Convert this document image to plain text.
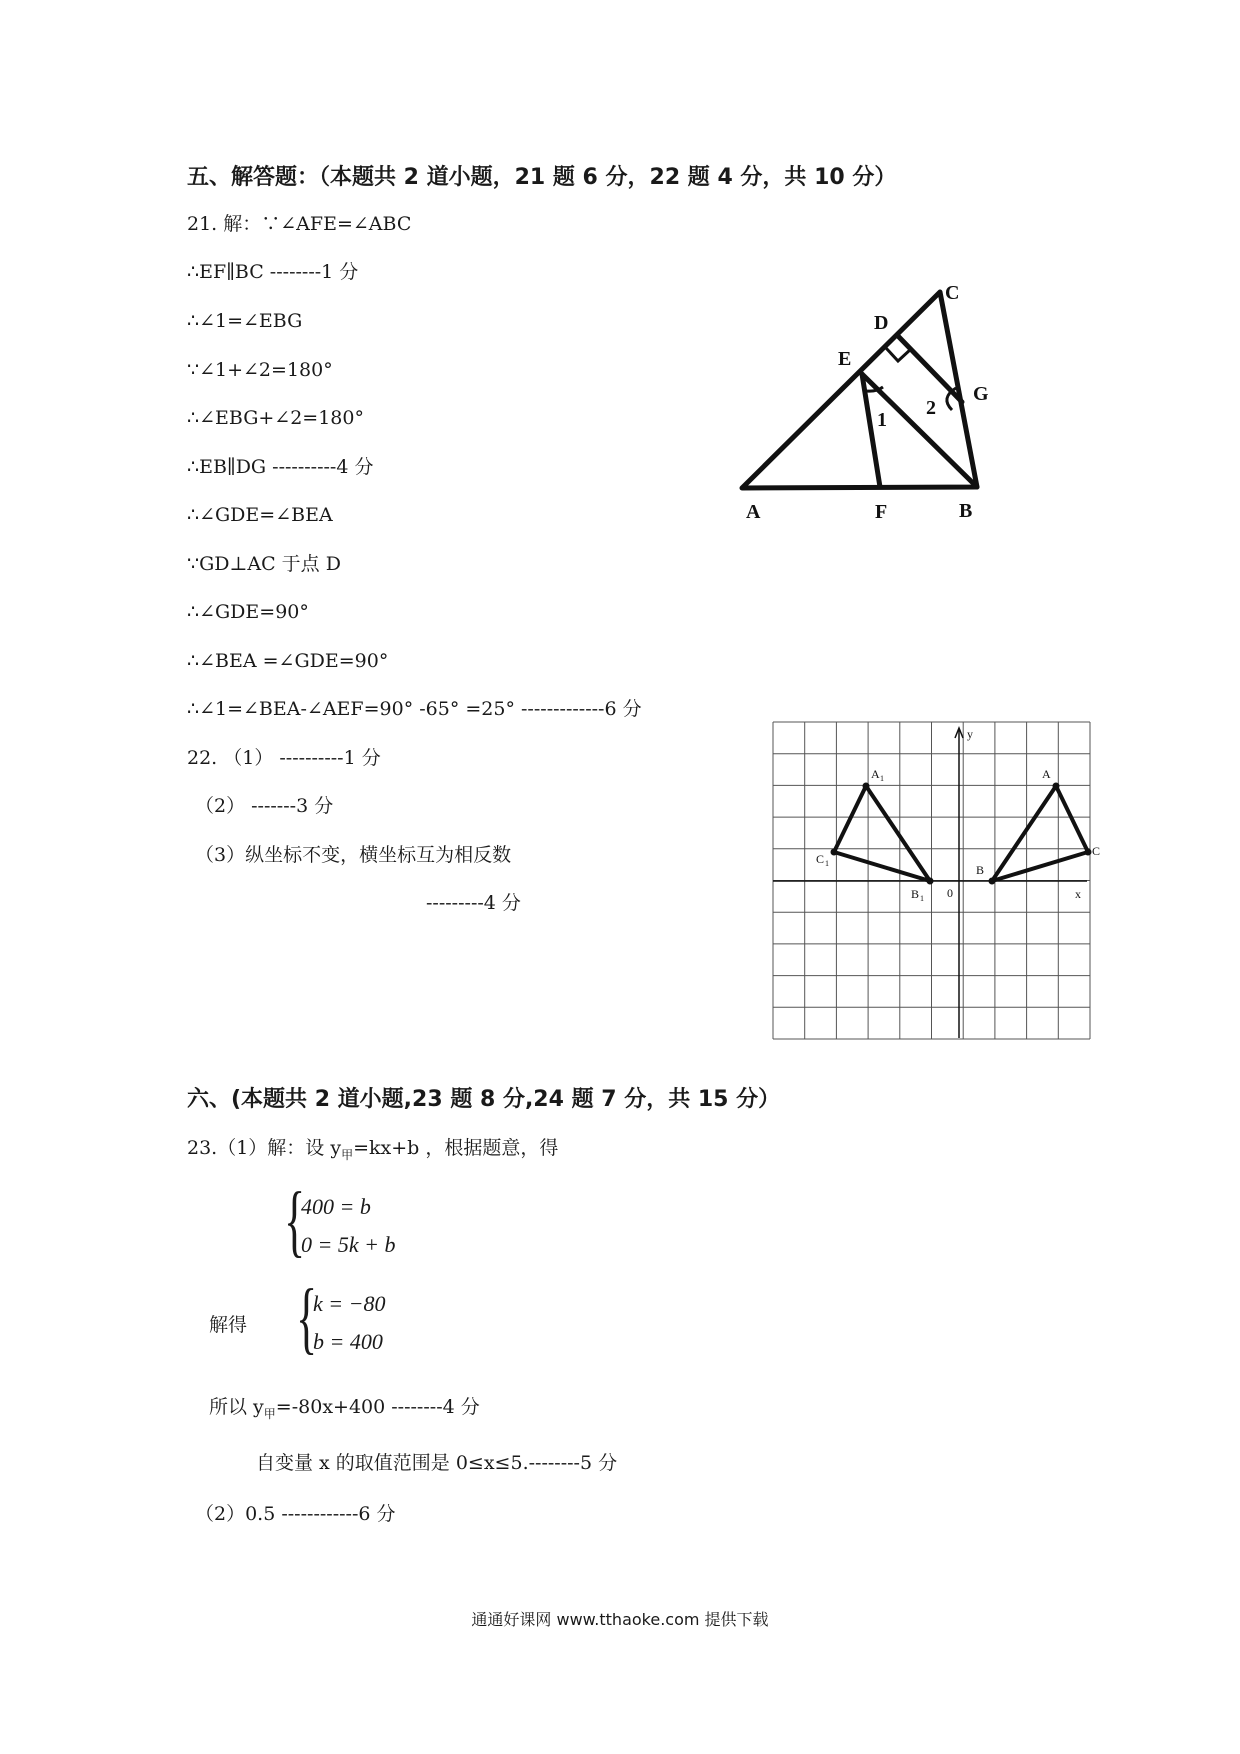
五、解答题：（本题共 2 道小题，21 题 6 分，22 题 4 分，共 10 分）
21. 解：∵∠AFE=∠ABC
∴EF∥BC --------1 分
∴∠1=∠EBG
∵∠1+∠2=180°
∴∠EBG+∠2=180°
∴EB∥DG ----------4 分
∴∠GDE=∠BEA
∵GD⊥AC 于点 D
∴∠GDE=90°
∴∠BEA =∠GDE=90°
∴∠1=∠BEA-∠AEF=90° -65° =25° -------------6 分
22. （1） ----------1 分
（2） -------3 分
（3）纵坐标不变，横坐标互为相反数
---------4 分
C
D
E
G
1
2
A	F	B
y
x
0
A
C
B
A 1
C 1
B 1
六、(本题共 2 道小题,23 题 8 分,24 题 7 分，共 15 分）
23.（1）解：设 $y_甲=kx+b$ ，根据题意，得
{
400 = b
0 = 5k + b
解得 {
k = −80
b = 400
所以 $y_甲=-80x+400$ --------4 分
自变量 x 的取值范围是 0≤x≤5.--------5 分
（2）0.5 ------------6 分
通通好课网 www.tthaoke.com 提供下载
